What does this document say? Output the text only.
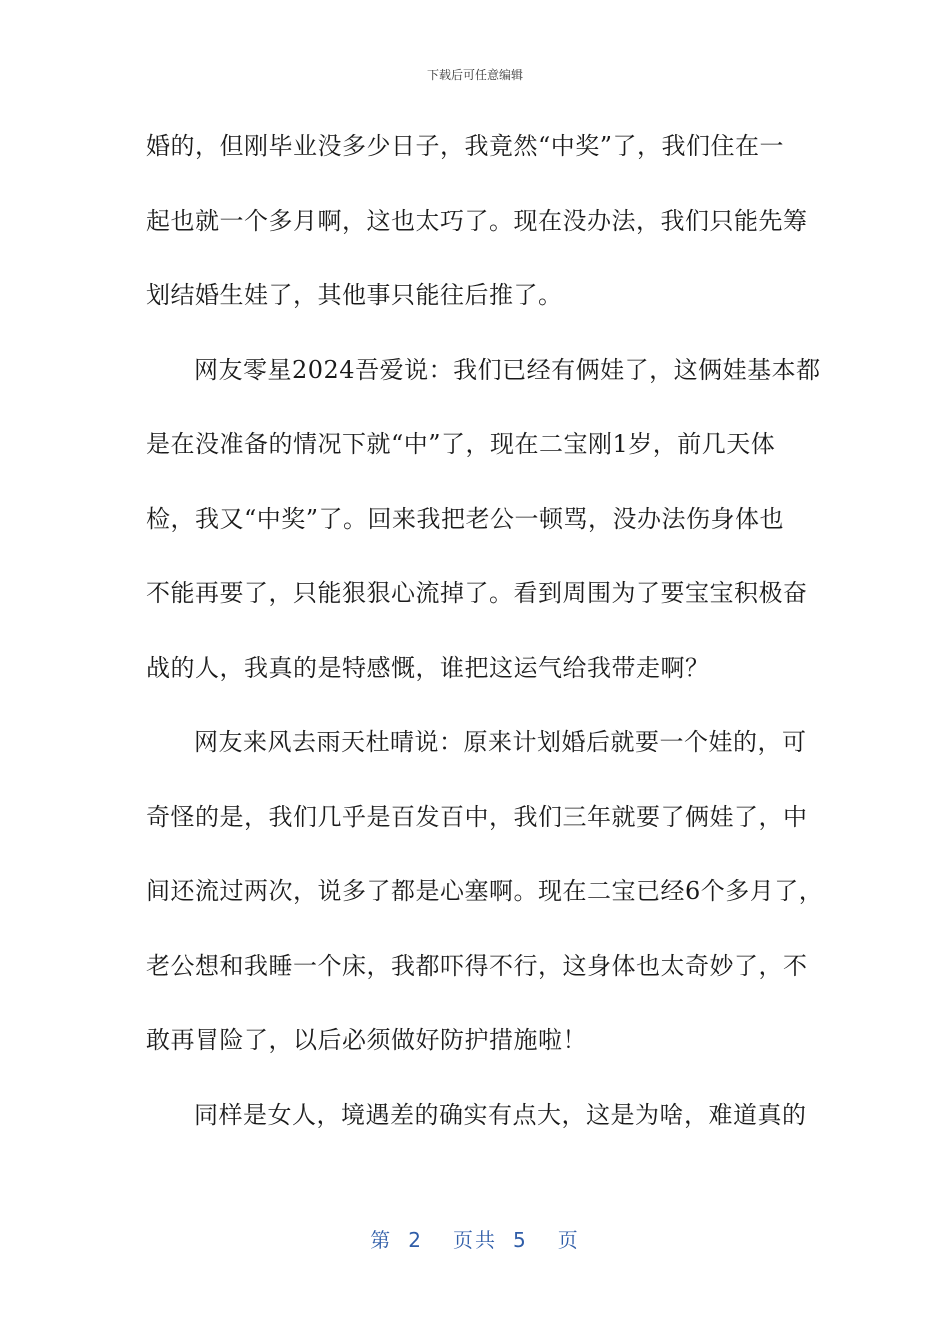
下载后可任意编辑
婚的，但刚毕业没多少日子，我竟然“中奖”了，我们住在一
起也就一个多月啊，这也太巧了。现在没办法，我们只能先筹
划结婚生娃了，其他事只能往后推了。
网友零星2024吾爱说：我们已经有俩娃了，这俩娃基本都
是在没准备的情况下就“中”了，现在二宝刚1岁，前几天体
检，我又“中奖”了。回来我把老公一顿骂，没办法伤身体也
不能再要了，只能狠狠心流掉了。看到周围为了要宝宝积极奋
战的人，我真的是特感慨，谁把这运气给我带走啊？
网友来风去雨天杜晴说：原来计划婚后就要一个娃的，可
奇怪的是，我们几乎是百发百中，我们三年就要了俩娃了，中
间还流过两次，说多了都是心塞啊。现在二宝已经6个多月了，
老公想和我睡一个床，我都吓得不行，这身体也太奇妙了，不
敢再冒险了，以后必须做好防护措施啦！
同样是女人，境遇差的确实有点大，这是为啥，难道真的
第 2 页共 5 页
